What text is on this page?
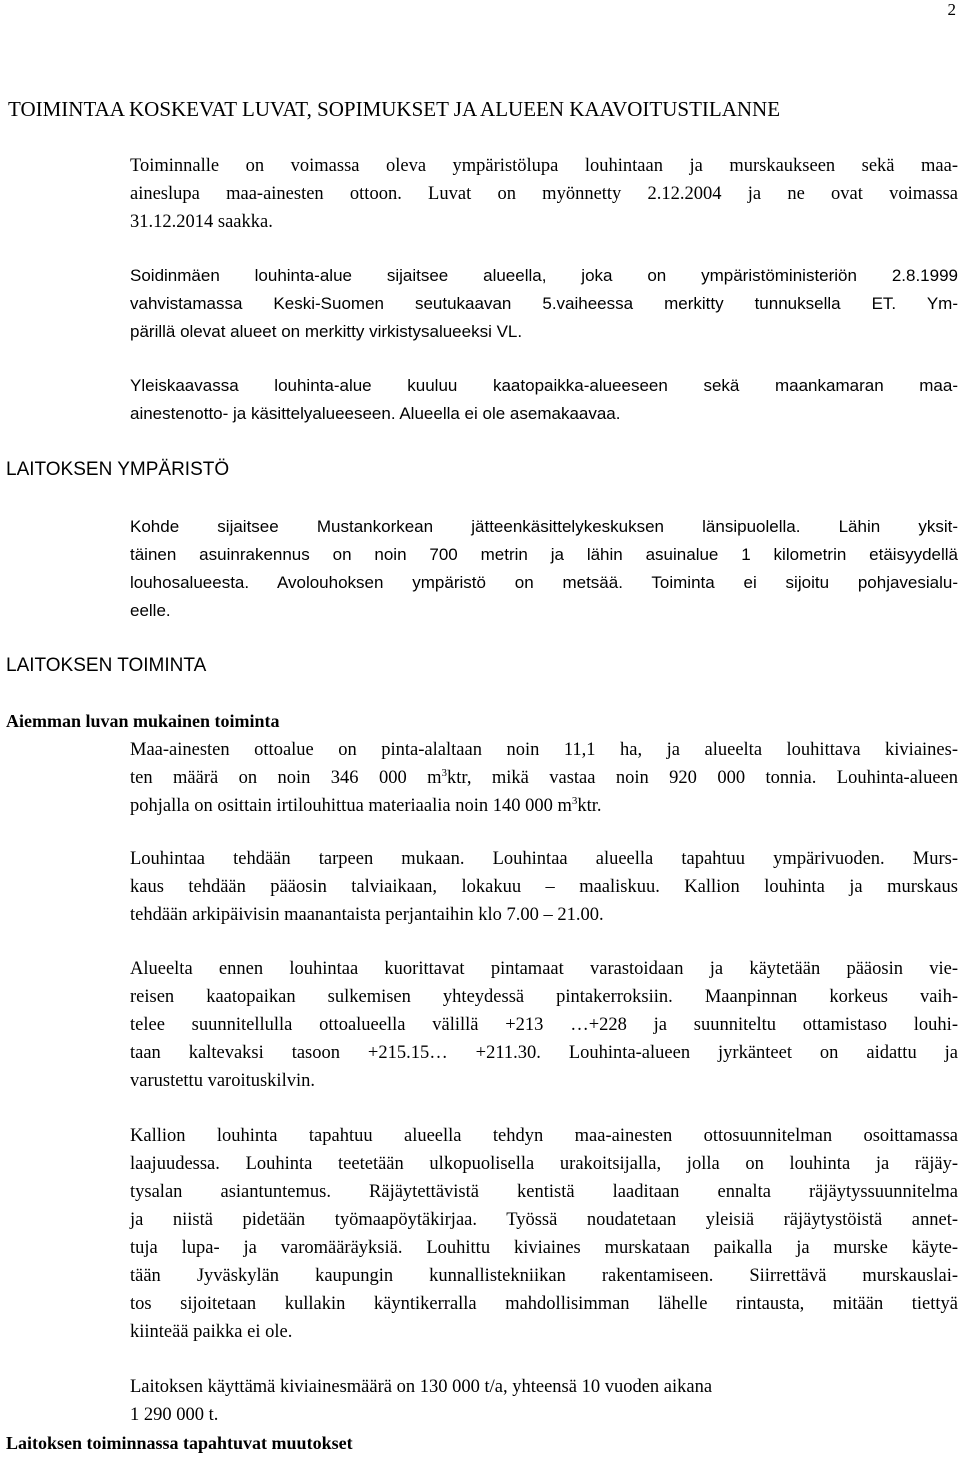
2
TOIMINTAA KOSKEVAT LUVAT, SOPIMUKSET JA ALUEEN KAAVOITUSTILANNE
Toiminnalle on voimassa oleva ympäristölupa louhintaan ja murskaukseen sekä maa-
aineslupa maa-ainesten ottoon. Luvat on myönnetty 2.12.2004 ja ne ovat voimassa
31.12.2014 saakka.
Soidinmäen louhinta-alue sijaitsee alueella, joka on ympäristöministeriön 2.8.1999
vahvistamassa Keski-Suomen seutukaavan 5.vaiheessa merkitty tunnuksella ET. Ym-
pärillä olevat alueet on merkitty virkistysalueeksi VL.
Yleiskaavassa louhinta-alue kuuluu kaatopaikka-alueeseen sekä maankamaran maa-
ainestenotto- ja käsittelyalueeseen. Alueella ei ole asemakaavaa.
LAITOKSEN YMPÄRISTÖ
Kohde sijaitsee Mustankorkean jätteenkäsittelykeskuksen länsipuolella. Lähin yksit-
täinen asuinrakennus on noin 700 metrin ja lähin asuinalue 1 kilometrin etäisyydellä
louhosalueesta. Avolouhoksen ympäristö on metsää. Toiminta ei sijoitu pohjavesialu-
eelle.
LAITOKSEN TOIMINTA
Aiemman luvan mukainen toiminta
Maa-ainesten ottoalue on pinta-alaltaan noin 11,1 ha, ja alueelta louhittava kiviaines-
ten määrä on noin 346 000 $m^3ktr$, mikä vastaa noin 920 000 tonnia. Louhinta-alueen
pohjalla on osittain irtilouhittua materiaalia noin 140 000 $m^3ktr$.
Louhintaa tehdään tarpeen mukaan. Louhintaa alueella tapahtuu ympärivuoden. Murs-
kaus tehdään pääosin talviaikaan, lokakuu – maaliskuu. Kallion louhinta ja murskaus
tehdään arkipäivisin maanantaista perjantaihin klo 7.00 – 21.00.
Alueelta ennen louhintaa kuorittavat pintamaat varastoidaan ja käytetään pääosin vie-
reisen kaatopaikan sulkemisen yhteydessä pintakerroksiin. Maanpinnan korkeus vaih-
telee suunnitellulla ottoalueella välillä +213 …+228 ja suunniteltu ottamistaso louhi-
taan kaltevaksi tasoon +215.15… +211.30. Louhinta-alueen jyrkänteet on aidattu ja
varustettu varoituskilvin.
Kallion louhinta tapahtuu alueella tehdyn maa-ainesten ottosuunnitelman osoittamassa
laajuudessa. Louhinta teetetään ulkopuolisella urakoitsijalla, jolla on louhinta ja räjäy-
tysalan asiantuntemus. Räjäytettävistä kentistä laaditaan ennalta räjäytyssuunnitelma
ja niistä pidetään työmaapöytäkirjaa. Työssä noudatetaan yleisiä räjäytystöistä annet-
tuja lupa- ja varomääräyksiä. Louhittu kiviaines murskataan paikalla ja murske käyte-
tään Jyväskylän kaupungin kunnallistekniikan rakentamiseen. Siirrettävä murskauslai-
tos sijoitetaan kullakin käyntikerralla mahdollisimman lähelle rintausta, mitään tiettyä
kiinteää paikka ei ole.
Laitoksen käyttämä kiviainesmäärä on 130 000 t/a, yhteensä 10 vuoden aikana
1 290 000 t.
Laitoksen toiminnassa tapahtuvat muutokset
